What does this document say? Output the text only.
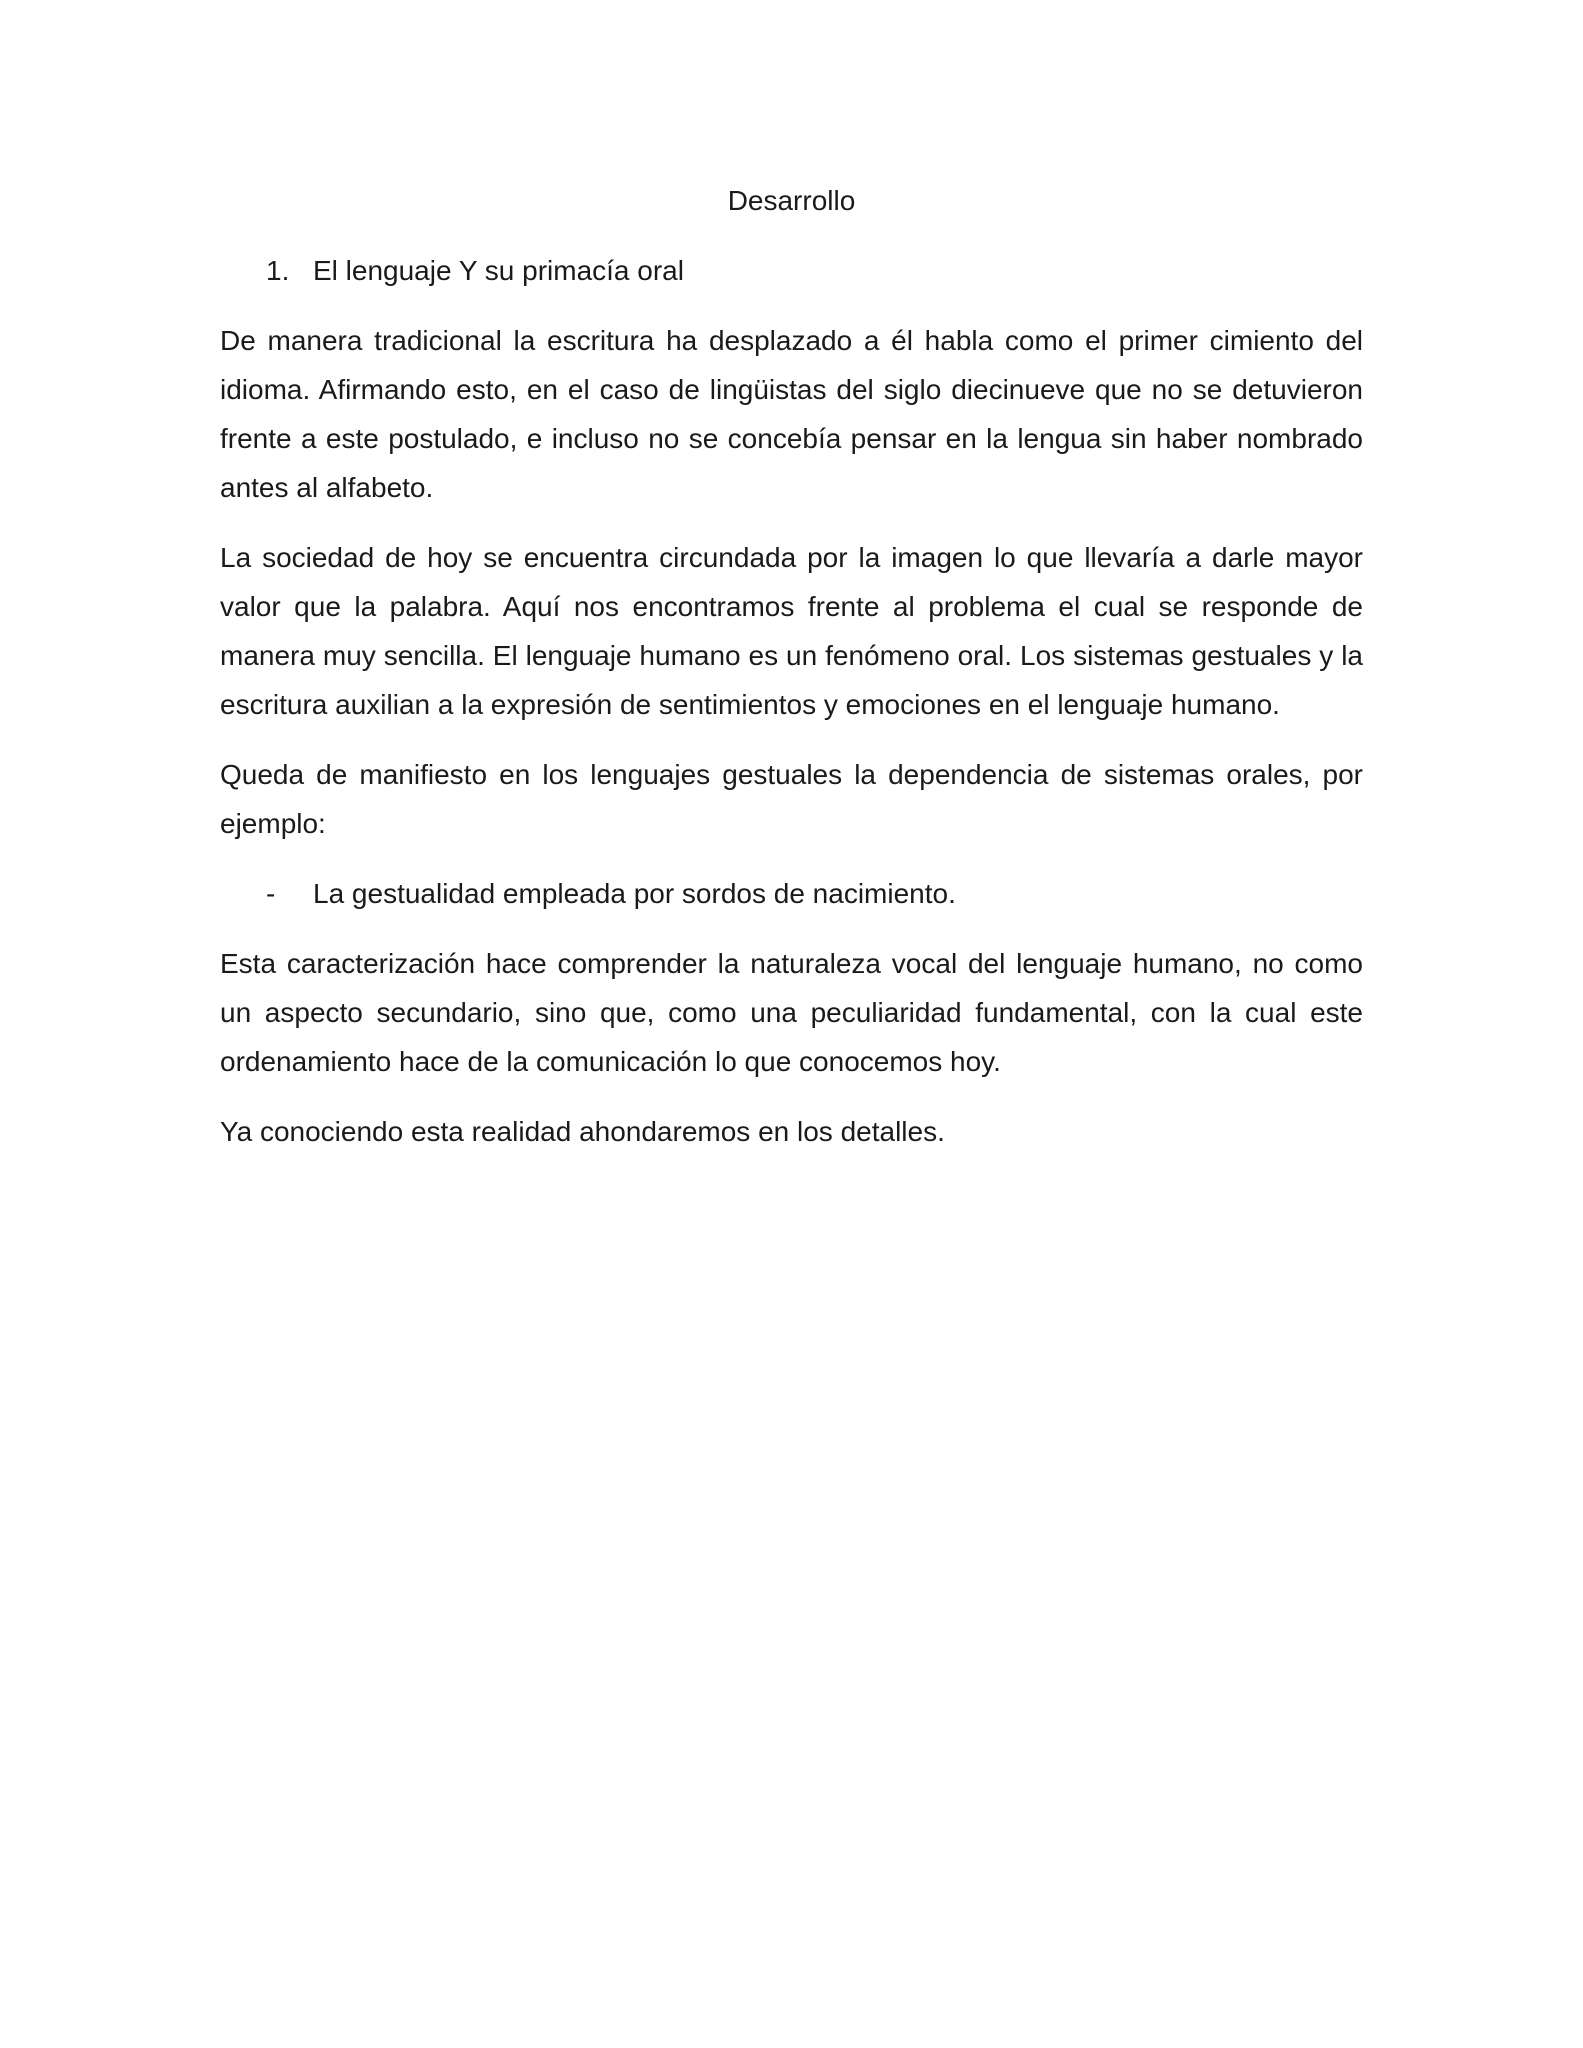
Desarrollo
1. El lenguaje Y su primacía oral

De manera tradicional la escritura ha desplazado a él habla como el primer cimiento del idioma. Afirmando esto, en el caso de lingüistas del siglo diecinueve que no se detuvieron frente a este postulado, e incluso no se concebía pensar en la lengua sin haber nombrado antes al alfabeto.

La sociedad de hoy se encuentra circundada por la imagen lo que llevaría a darle mayor valor que la palabra. Aquí nos encontramos frente al problema el cual se responde de manera muy sencilla. El lenguaje humano es un fenómeno oral. Los sistemas gestuales y la escritura auxilian a la expresión de sentimientos y emociones en el lenguaje humano.

Queda de manifiesto en los lenguajes gestuales la dependencia de sistemas orales, por ejemplo:

- La gestualidad empleada por sordos de nacimiento.

Esta caracterización hace comprender la naturaleza vocal del lenguaje humano, no como un aspecto secundario, sino que, como una peculiaridad fundamental, con la cual este ordenamiento hace de la comunicación lo que conocemos hoy.

Ya conociendo esta realidad ahondaremos en los detalles.
